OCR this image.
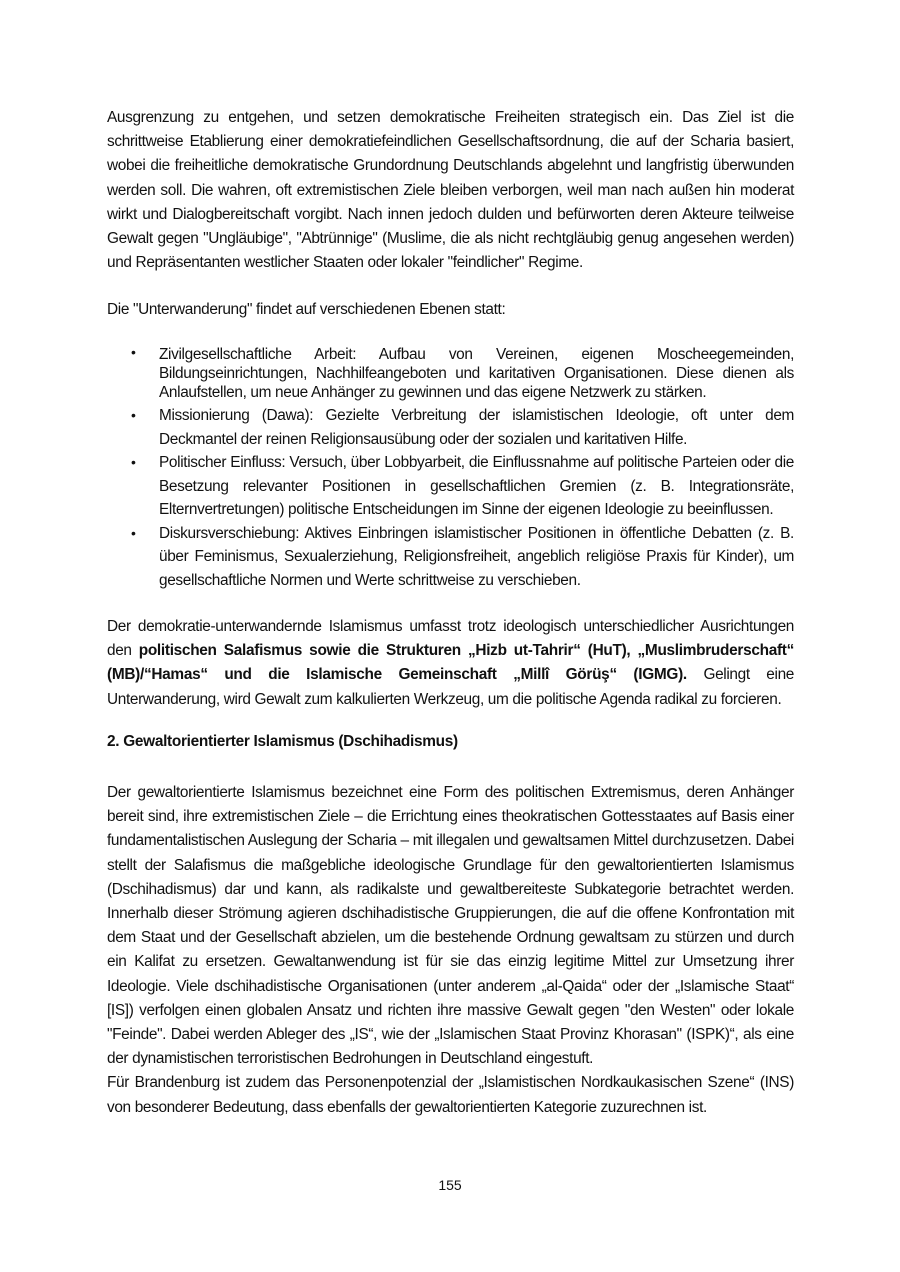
Ausgrenzung zu entgehen, und setzen demokratische Freiheiten strategisch ein. Das Ziel ist die schrittweise Etablierung einer demokratiefeindlichen Gesellschaftsordnung, die auf der Scharia basiert, wobei die freiheitliche demokratische Grundordnung Deutschlands abgelehnt und langfristig überwunden werden soll. Die wahren, oft extremistischen Ziele bleiben verborgen, weil man nach außen hin moderat wirkt und Dialogbereitschaft vorgibt. Nach innen jedoch dulden und befürworten deren Akteure teilweise Gewalt gegen "Ungläubige", "Abtrünnige" (Muslime, die als nicht rechtgläubig genug angesehen werden) und Repräsentanten westlicher Staaten oder lokaler "feindlicher" Regime.
Die "Unterwanderung" findet auf verschiedenen Ebenen statt:
• Zivilgesellschaftliche Arbeit: Aufbau von Vereinen, eigenen Moscheegemeinden, Bildungseinrichtungen, Nachhilfeangeboten und karitativen Organisationen. Diese dienen als Anlaufstellen, um neue Anhänger zu gewinnen und das eigene Netzwerk zu stärken.
• Missionierung (Dawa): Gezielte Verbreitung der islamistischen Ideologie, oft unter dem Deckmantel der reinen Religionsausübung oder der sozialen und karitativen Hilfe.
• Politischer Einfluss: Versuch, über Lobbyarbeit, die Einflussnahme auf politische Parteien oder die Besetzung relevanter Positionen in gesellschaftlichen Gremien (z. B. Integrationsräte, Elternvertretungen) politische Entscheidungen im Sinne der eigenen Ideologie zu beeinflussen.
• Diskursverschiebung: Aktives Einbringen islamistischer Positionen in öffentliche Debatten (z. B. über Feminismus, Sexualerziehung, Religionsfreiheit, angeblich religiöse Praxis für Kinder), um gesellschaftliche Normen und Werte schrittweise zu verschieben.
Der demokratie-unterwandernde Islamismus umfasst trotz ideologisch unterschiedlicher Ausrichtungen den politischen Salafismus sowie die Strukturen „Hizb ut-Tahrir“ (HuT), „Muslimbruderschaft“ (MB)/“Hamas“ und die Islamische Gemeinschaft „Millî Görüş“ (IGMG). Gelingt eine Unterwanderung, wird Gewalt zum kalkulierten Werkzeug, um die politische Agenda radikal zu forcieren.
2. Gewaltorientierter Islamismus (Dschihadismus)
Der gewaltorientierte Islamismus bezeichnet eine Form des politischen Extremismus, deren Anhänger bereit sind, ihre extremistischen Ziele – die Errichtung eines theokratischen Gottesstaates auf Basis einer fundamentalistischen Auslegung der Scharia – mit illegalen und gewaltsamen Mittel durchzusetzen. Dabei stellt der Salafismus die maßgebliche ideologische Grundlage für den gewaltorientierten Islamismus (Dschihadismus) dar und kann, als radikalste und gewaltbereiteste Subkategorie betrachtet werden. Innerhalb dieser Strömung agieren dschihadistische Gruppierungen, die auf die offene Konfrontation mit dem Staat und der Gesellschaft abzielen, um die bestehende Ordnung gewaltsam zu stürzen und durch ein Kalifat zu ersetzen. Gewaltanwendung ist für sie das einzig legitime Mittel zur Umsetzung ihrer Ideologie. Viele dschihadistische Organisationen (unter anderem „al-Qaida“ oder der „Islamische Staat“ [IS]) verfolgen einen globalen Ansatz und richten ihre massive Gewalt gegen "den Westen" oder lokale "Feinde". Dabei werden Ableger des „IS“, wie der „Islamischen Staat Provinz Khorasan" (ISPK)“, als eine der dynamistischen terroristischen Bedrohungen in Deutschland eingestuft.
Für Brandenburg ist zudem das Personenpotenzial der „Islamistischen Nordkaukasischen Szene“ (INS) von besonderer Bedeutung, dass ebenfalls der gewaltorientierten Kategorie zuzurechnen ist.
155
